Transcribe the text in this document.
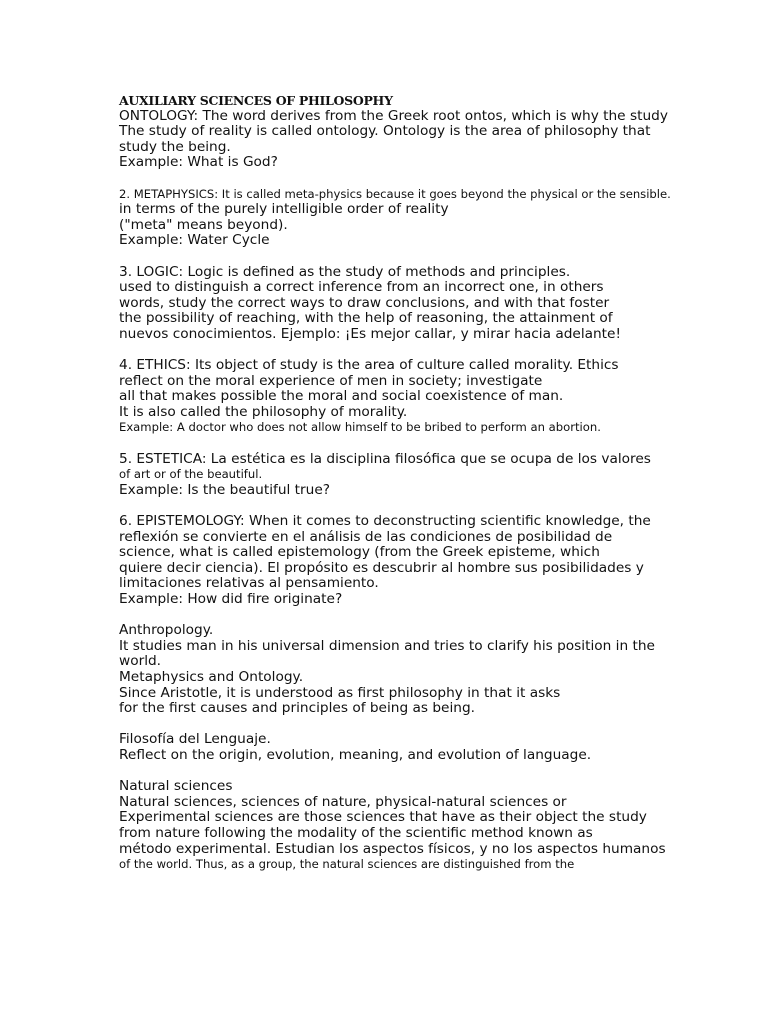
AUXILIARY SCIENCES OF PHILOSOPHY
ONTOLOGY: The word derives from the Greek root ontos, which is why the study
The study of reality is called ontology. Ontology is the area of philosophy that
study the being.
Example: What is God?
2. METAPHYSICS: It is called meta-physics because it goes beyond the physical or the sensible.
in terms of the purely intelligible order of reality
("meta" means beyond).
Example: Water Cycle
3. LOGIC: Logic is defined as the study of methods and principles.
used to distinguish a correct inference from an incorrect one, in others
words, study the correct ways to draw conclusions, and with that foster
the possibility of reaching, with the help of reasoning, the attainment of
nuevos conocimientos. Ejemplo: ¡Es mejor callar, y mirar hacia adelante!
4. ETHICS: Its object of study is the area of culture called morality. Ethics
reflect on the moral experience of men in society; investigate
all that makes possible the moral and social coexistence of man.
It is also called the philosophy of morality.
Example: A doctor who does not allow himself to be bribed to perform an abortion.
5. ESTETICA: La estética es la disciplina filosófica que se ocupa de los valores
of art or of the beautiful.
Example: Is the beautiful true?
6. EPISTEMOLOGY: When it comes to deconstructing scientific knowledge, the
reflexión se convierte en el análisis de las condiciones de posibilidad de
science, what is called epistemology (from the Greek episteme, which
quiere decir ciencia). El propósito es descubrir al hombre sus posibilidades y
limitaciones relativas al pensamiento.
Example: How did fire originate?
Anthropology.
It studies man in his universal dimension and tries to clarify his position in the
world.
Metaphysics and Ontology.
Since Aristotle, it is understood as first philosophy in that it asks
for the first causes and principles of being as being.
Filosofía del Lenguaje.
Reflect on the origin, evolution, meaning, and evolution of language.
Natural sciences
Natural sciences, sciences of nature, physical-natural sciences or
Experimental sciences are those sciences that have as their object the study
from nature following the modality of the scientific method known as
método experimental. Estudian los aspectos físicos, y no los aspectos humanos
of the world. Thus, as a group, the natural sciences are distinguished from the
